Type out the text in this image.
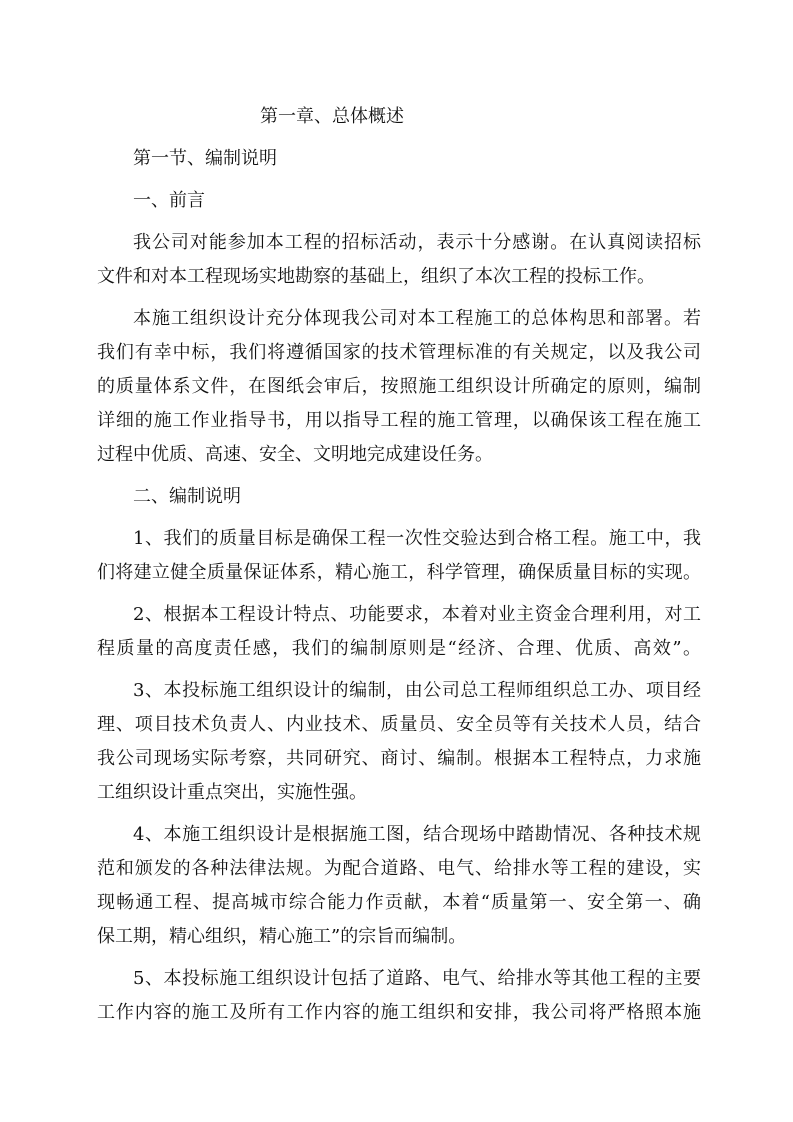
第一章、总体概述
第一节、编制说明
一、前言
我公司对能参加本工程的招标活动，表示十分感谢。在认真阅读招标
文件和对本工程现场实地勘察的基础上，组织了本次工程的投标工作。
本施工组织设计充分体现我公司对本工程施工的总体构思和部署。若
我们有幸中标，我们将遵循国家的技术管理标准的有关规定，以及我公司
的质量体系文件，在图纸会审后，按照施工组织设计所确定的原则，编制
详细的施工作业指导书，用以指导工程的施工管理，以确保该工程在施工
过程中优质、高速、安全、文明地完成建设任务。
二、编制说明
1、我们的质量目标是确保工程一次性交验达到合格工程。施工中，我
们将建立健全质量保证体系，精心施工，科学管理，确保质量目标的实现。
2、根据本工程设计特点、功能要求，本着对业主资金合理利用，对工
程质量的高度责任感，我们的编制原则是“经济、合理、优质、高效”。
3、本投标施工组织设计的编制，由公司总工程师组织总工办、项目经
理、项目技术负责人、内业技术、质量员、安全员等有关技术人员，结合
我公司现场实际考察，共同研究、商讨、编制。根据本工程特点，力求施
工组织设计重点突出，实施性强。
4、本施工组织设计是根据施工图，结合现场中踏勘情况、各种技术规
范和颁发的各种法律法规。为配合道路、电气、给排水等工程的建设，实
现畅通工程、提高城市综合能力作贡献，本着“质量第一、安全第一、确
保工期，精心组织，精心施工”的宗旨而编制。
5、本投标施工组织设计包括了道路、电气、给排水等其他工程的主要
工作内容的施工及所有工作内容的施工组织和安排，我公司将严格照本施
